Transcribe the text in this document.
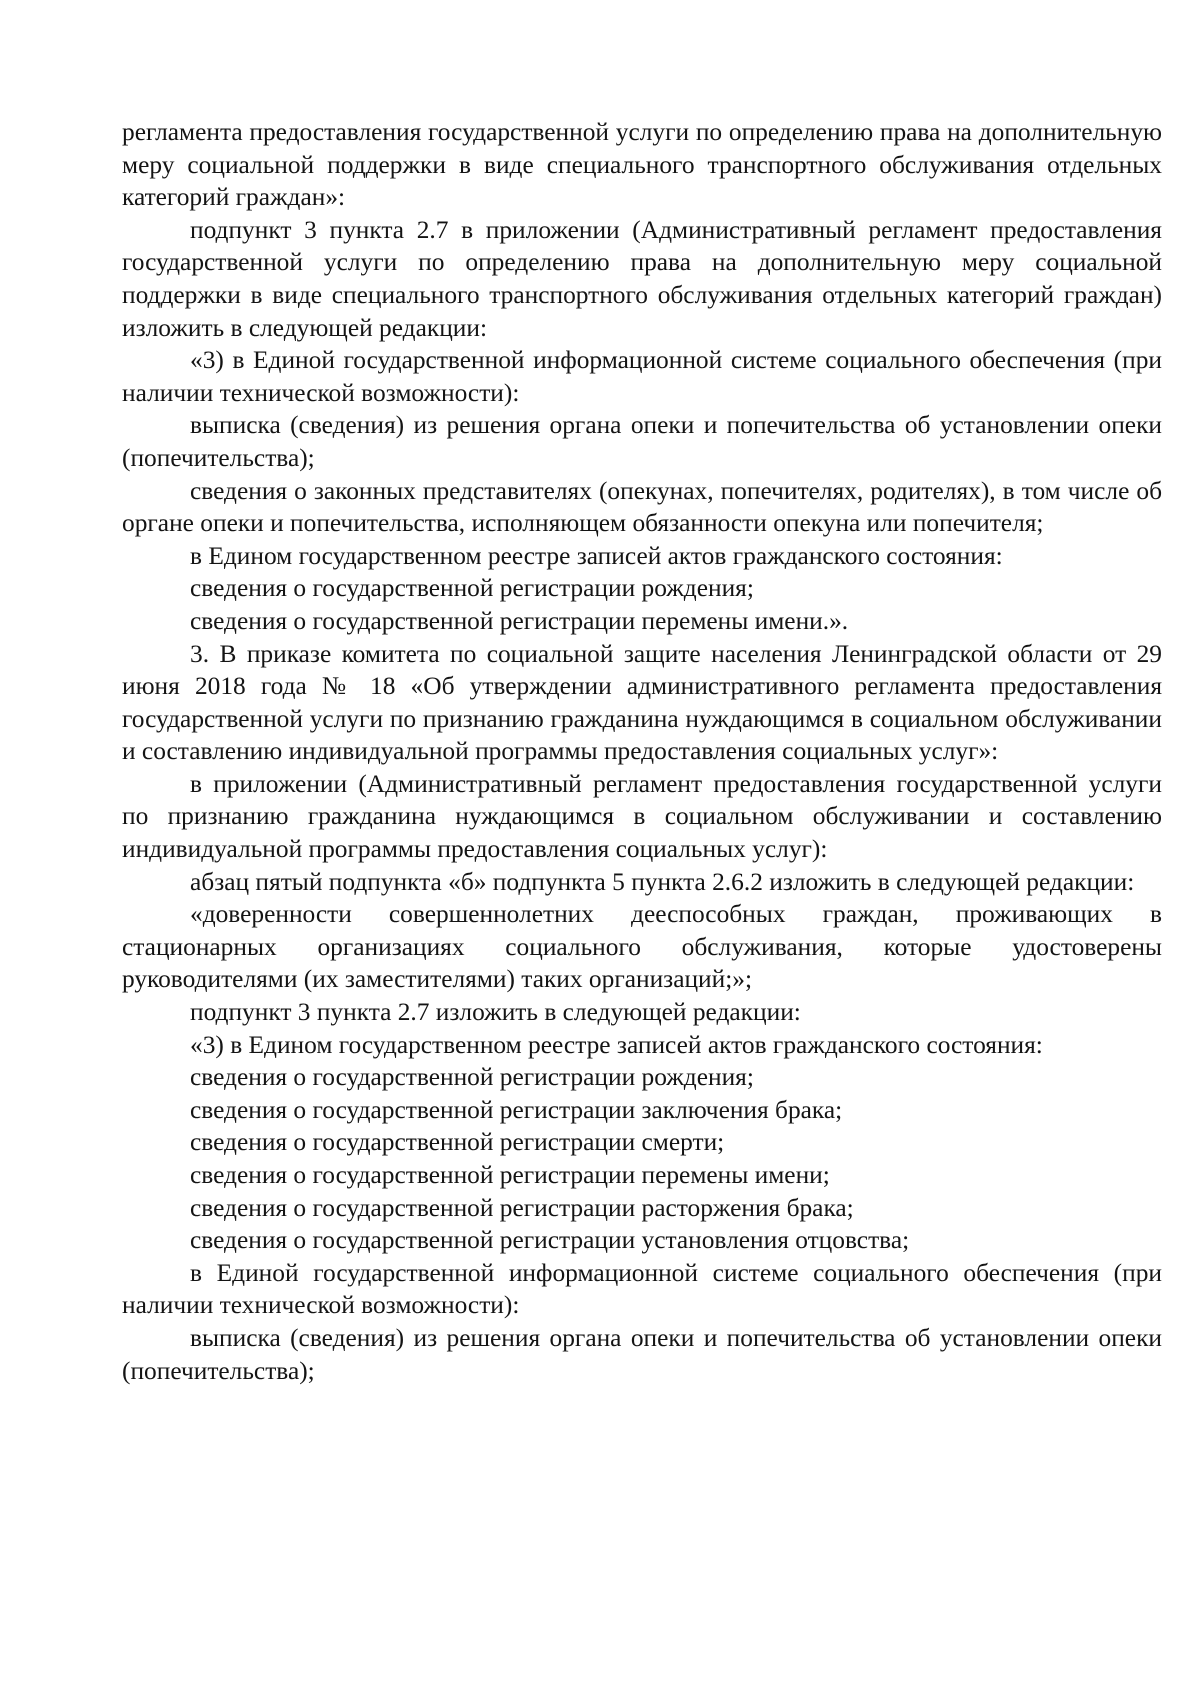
регламента предоставления государственной услуги по определению права на дополнительную меру социальной поддержки в виде специального транспортного обслуживания отдельных категорий граждан»:

подпункт 3 пункта 2.7 в приложении (Административный регламент предоставления государственной услуги по определению права на дополнительную меру социальной поддержки в виде специального транспортного обслуживания отдельных категорий граждан) изложить в следующей редакции:

«3) в Единой государственной информационной системе социального обеспечения (при наличии технической возможности):

выписка (сведения) из решения органа опеки и попечительства об установлении опеки (попечительства);

сведения о законных представителях (опекунах, попечителях, родителях), в том числе об органе опеки и попечительства, исполняющем обязанности опекуна или попечителя;

в Едином государственном реестре записей актов гражданского состояния:

сведения о государственной регистрации рождения;

сведения о государственной регистрации перемены имени.».

3. В приказе комитета по социальной защите населения Ленинградской области от 29 июня 2018 года № 18 «Об утверждении административного регламента предоставления государственной услуги по признанию гражданина нуждающимся в социальном обслуживании и составлению индивидуальной программы предоставления социальных услуг»:

в приложении (Административный регламент предоставления государственной услуги по признанию гражданина нуждающимся в социальном обслуживании и составлению индивидуальной программы предоставления социальных услуг):

абзац пятый подпункта «б» подпункта 5 пункта 2.6.2 изложить в следующей редакции:

«доверенности совершеннолетних дееспособных граждан, проживающих в стационарных организациях социального обслуживания, которые удостоверены руководителями (их заместителями) таких организаций;»;

подпункт 3 пункта 2.7 изложить в следующей редакции:

«3) в Едином государственном реестре записей актов гражданского состояния:

сведения о государственной регистрации рождения;

сведения о государственной регистрации заключения брака;

сведения о государственной регистрации смерти;

сведения о государственной регистрации перемены имени;

сведения о государственной регистрации расторжения брака;

сведения о государственной регистрации установления отцовства;

в Единой государственной информационной системе социального обеспечения (при наличии технической возможности):

выписка (сведения) из решения органа опеки и попечительства об установлении опеки (попечительства);
